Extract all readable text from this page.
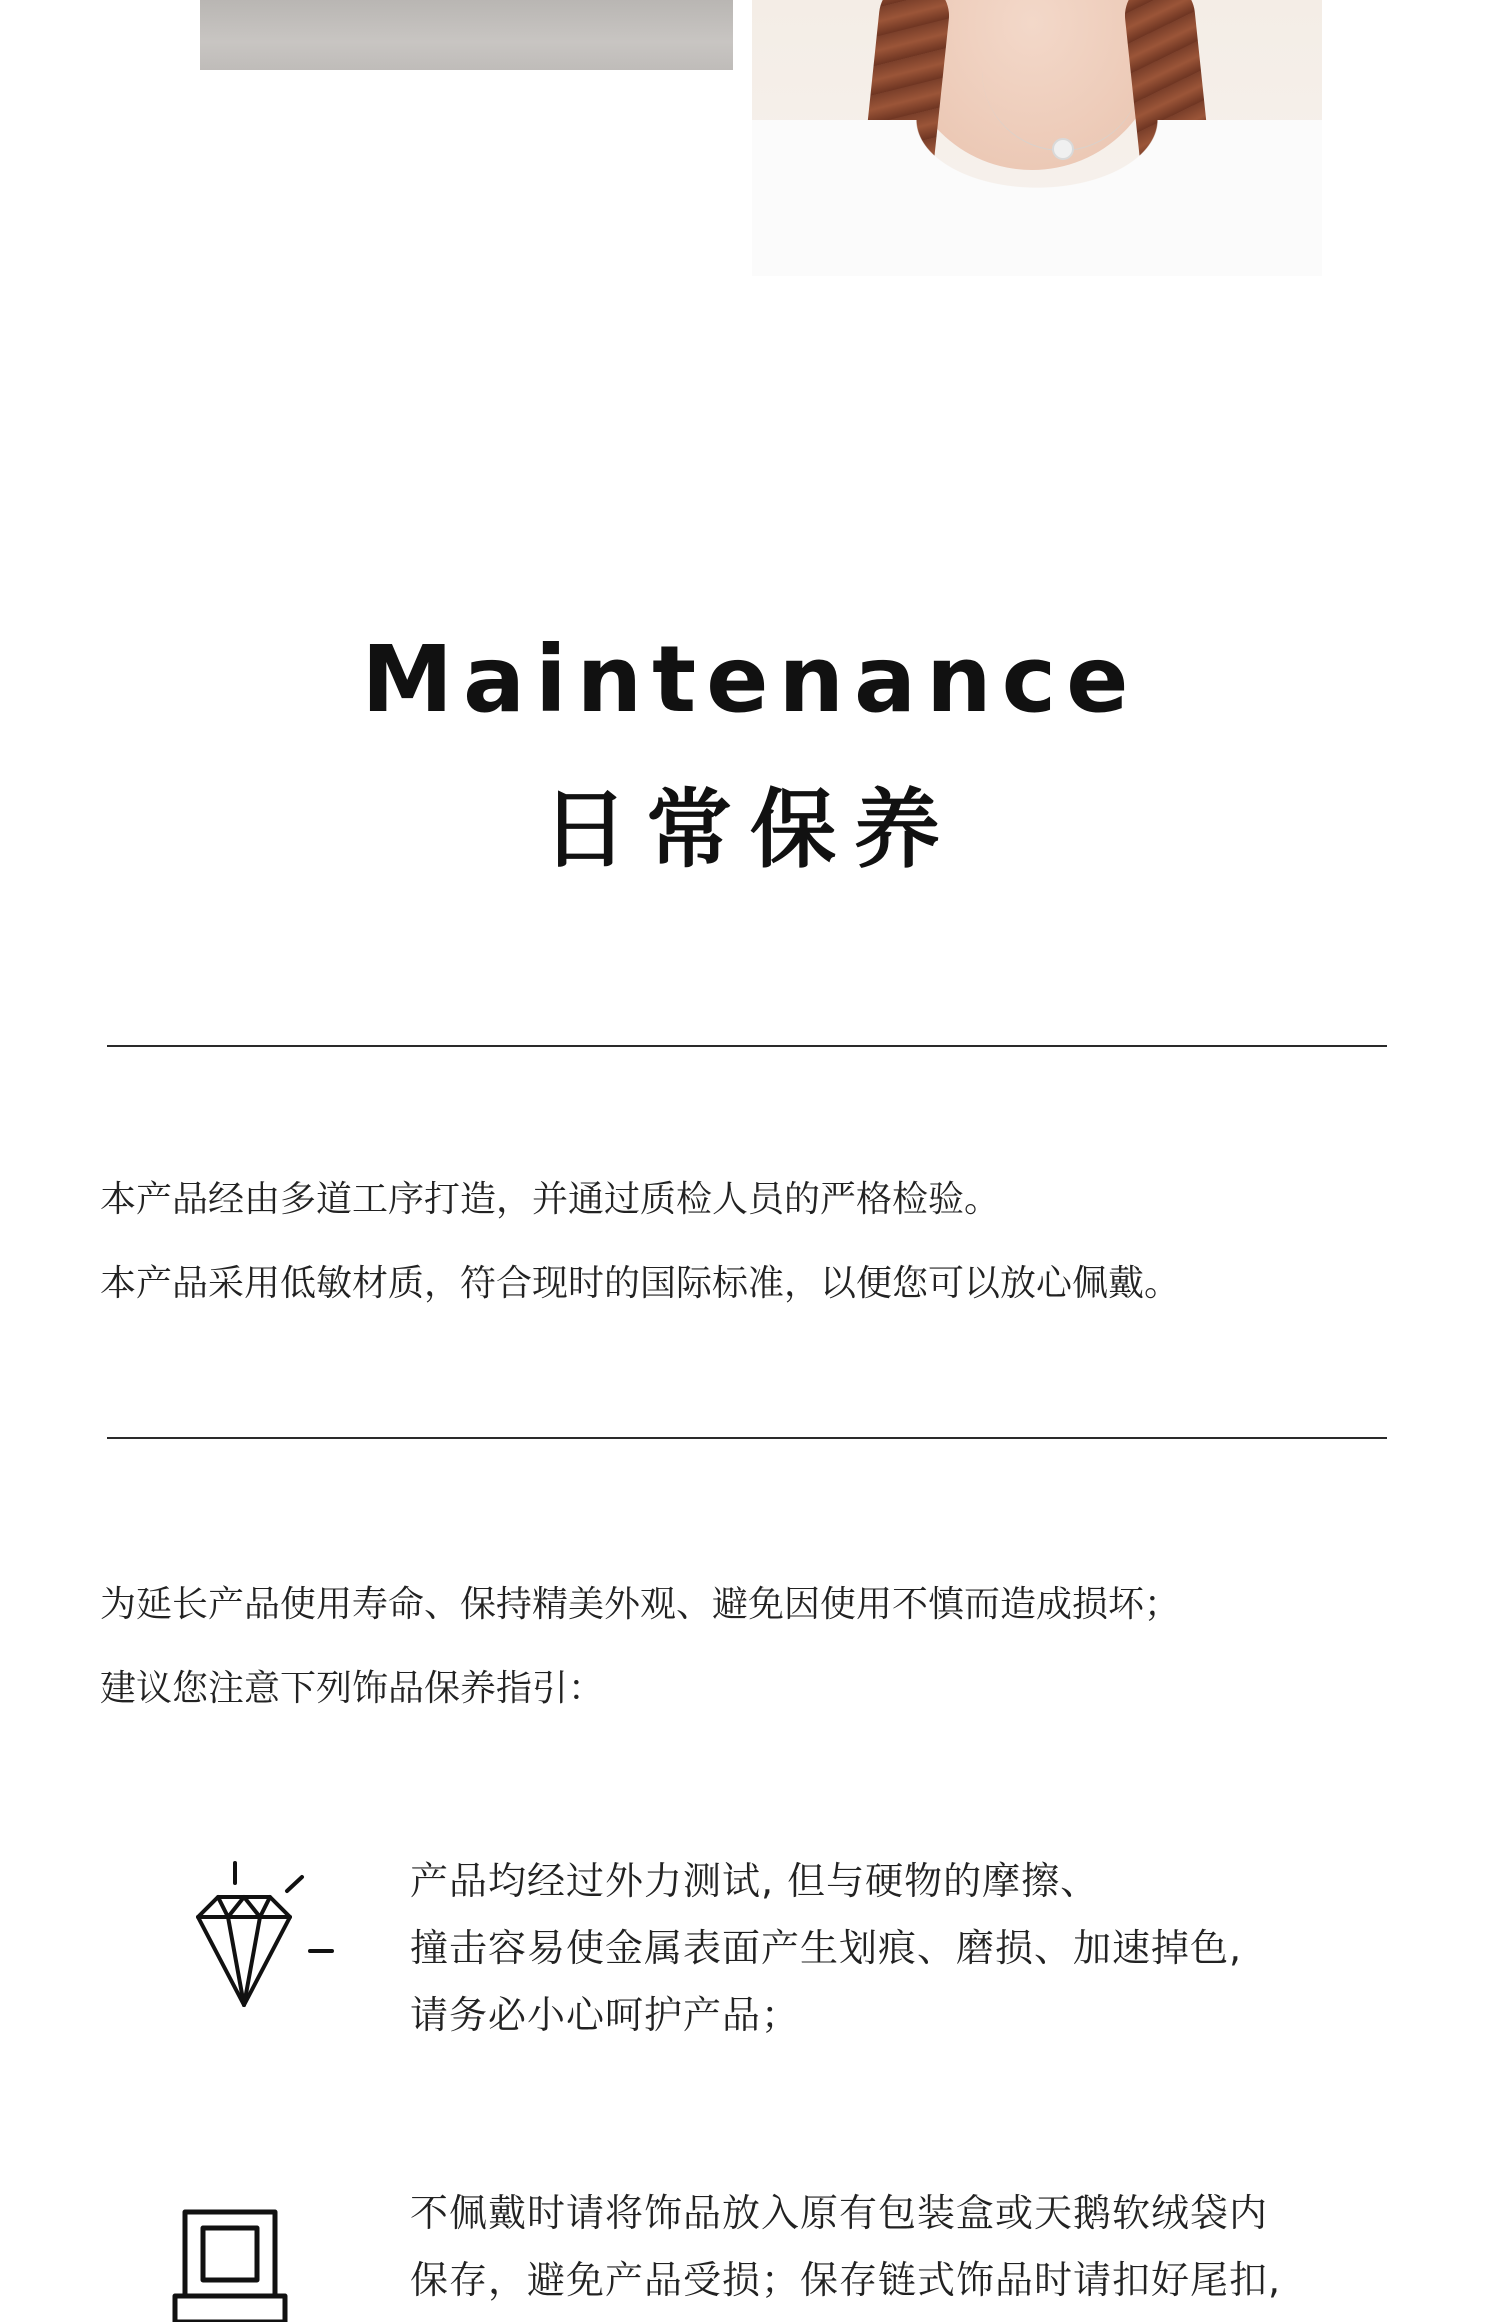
Maintenance
日常保养
本产品经由多道工序打造，并通过质检人员的严格检验。
本产品采用低敏材质，符合现时的国际标准，以便您可以放心佩戴。
为延长产品使用寿命、保持精美外观、避免因使用不慎而造成损坏；
建议您注意下列饰品保养指引：
产品均经过外力测试, 但与硬物的摩擦、
撞击容易使金属表面产生划痕、磨损、加速掉色,
请务必小心呵护产品；
不佩戴时请将饰品放入原有包装盒或天鹅软绒袋内
保存，避免产品受损；保存链式饰品时请扣好尾扣,
